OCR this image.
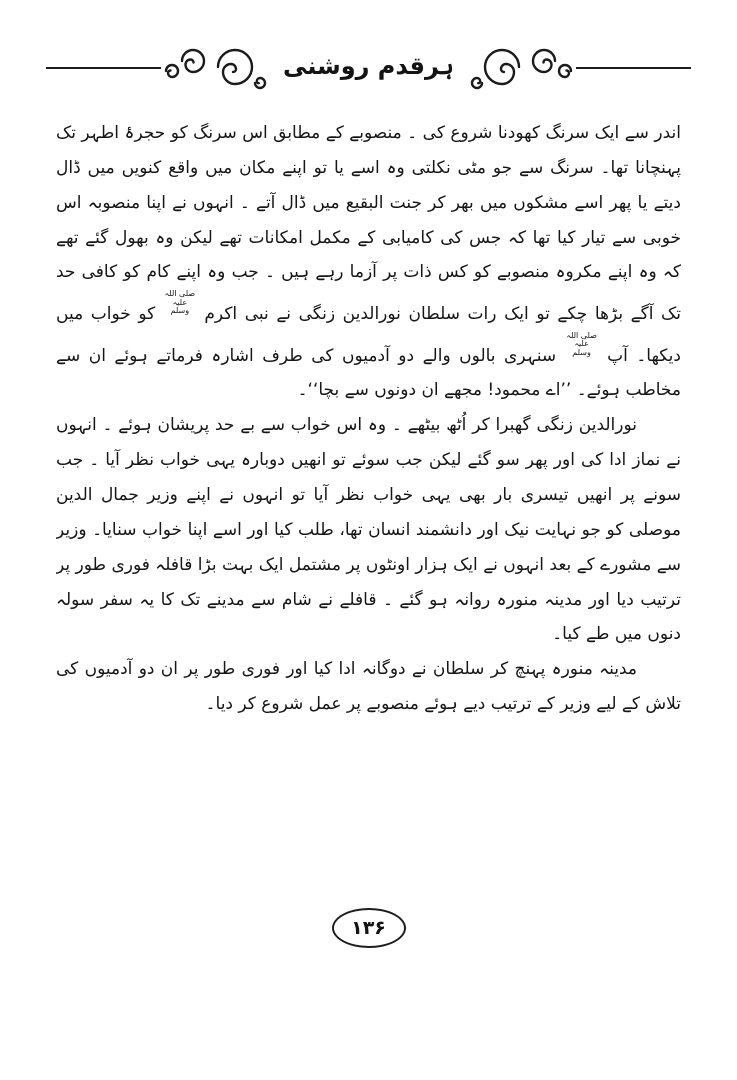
ہرقدم روشنی

اندر سے ایک سرنگ کھودنا شروع کی ۔ منصوبے کے مطابق اس سرنگ کو حجرۂ اطہر تک پہنچانا تھا۔ سرنگ سے جو مٹی نکلتی وہ اسے یا تو اپنے مکان میں واقع کنویں میں ڈال دیتے یا پھر اسے مشکوں میں بھر کر جنت البقیع میں ڈال آتے ۔ انہوں نے اپنا منصوبہ اس خوبی سے تیار کیا تھا کہ جس کی کامیابی کے مکمل امکانات تھے لیکن وہ بھول گئے تھے کہ وہ اپنے مکروہ منصوبے کو کس ذات پر آزما رہے ہیں ۔ جب وہ اپنے کام کو کافی حد تک آگے بڑھا چکے تو ایک رات سلطان نورالدین زنگی نے نبی اکرم صلی اللہ علیہ وسلم کو خواب میں دیکھا۔ آپ صلی اللہ علیہ وسلم سنہری بالوں والے دو آدمیوں کی طرف اشارہ فرماتے ہوئے ان سے مخاطب ہوئے۔ ’’اے محمود! مجھے ان دونوں سے بچا‘‘۔

نورالدین زنگی گھبرا کر اُٹھ بیٹھے ۔ وہ اس خواب سے بے حد پریشان ہوئے ۔ انہوں نے نماز ادا کی اور پھر سو گئے لیکن جب سوئے تو انھیں دوبارہ یہی خواب نظر آیا ۔ جب سونے پر انھیں تیسری بار بھی یہی خواب نظر آیا تو انہوں نے اپنے وزیر جمال الدین موصلی کو جو نہایت نیک اور دانشمند انسان تھا، طلب کیا اور اسے اپنا خواب سنایا۔ وزیر سے مشورے کے بعد انہوں نے ایک ہزار اونٹوں پر مشتمل ایک بہت بڑا قافلہ فوری طور پر ترتیب دیا اور مدینہ منورہ روانہ ہو گئے ۔ قافلے نے شام سے مدینے تک کا یہ سفر سولہ دنوں میں طے کیا۔

مدینہ منورہ پہنچ کر سلطان نے دوگانہ ادا کیا اور فوری طور پر ان دو آدمیوں کی تلاش کے لیے وزیر کے ترتیب دیے ہوئے منصوبے پر عمل شروع کر دیا۔

۱۳۶
